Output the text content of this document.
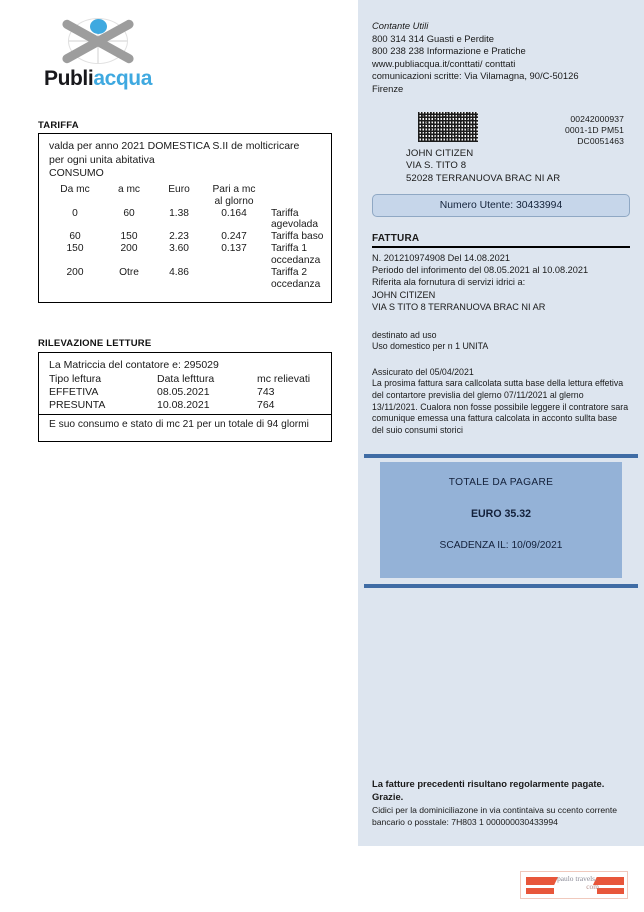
Publiacqua
TARIFFA
valda per anno 2021 DOMESTICA S.II de molticricare
per ogni unita abitativa
CONSUMO
Da mc	a mc	Euro	Pari a mc	
			al glorno	
0	60	1.38	0.164	Tariffa agevolada
60	150	2.23	0.247	Tariffa baso
150	200	3.60	0.137	Tariffa 1
				occedanza
200	Otre	4.86		Tariffa 2
				occedanza
RILEVAZIONE LETTURE
La Matriccia del contatore e: 295029
Tipo leftura	Data lefttura	mc relievati
EFFETIVA	08.05.2021	743
PRESUNTA	10.08.2021	764
E suo consumo e stato di mc 21 per un totale di 94 glormi
Contante Utili
800 314 314 Guasti e Perdite
800 238 238 Informazione e Pratiche
www.publiacqua.it/conttati/ conttati
comunicazioni scritte: Via Vilamagna, 90/C-50126
Firenze
00242000937
0001-1D PM51
DC0051463
JOHN CITIZEN
VIA S. TITO 8
52028 TERRANUOVA BRAC NI AR
Numero Utente: 30433994
FATTURA
N. 201210974908 Del 14.08.2021
Periodo del inforimento del 08.05.2021 al 10.08.2021
Riferita ala fornutura di servizi idrici a:
JOHN CITIZEN
VIA S TITO 8 TERRANUOVA BRAC NI AR
destinato ad uso
Uso domestico per n 1 UNITA
Assicurato del 05/04/2021
La prosima fattura sara callcolata sutta base della lettura effetiva del contartore previslia del glerno 07/11/2021 al glerno 13/11/2021. Cualora non fosse possibile leggere il contratore sara comunique emessa una fattura calcolata in acconto sullta base del suio consumi storici
TOTALE DA PAGARE
EURO 35.32
SCADENZA IL: 10/09/2021
La fatture precedenti risultano regolarmente pagate. Grazie.
Cidici per la dominiciliazone in via contintaiva su ccento corrente bancario o posstale: 7H803 1 000000030433994
paulo travels.
com
